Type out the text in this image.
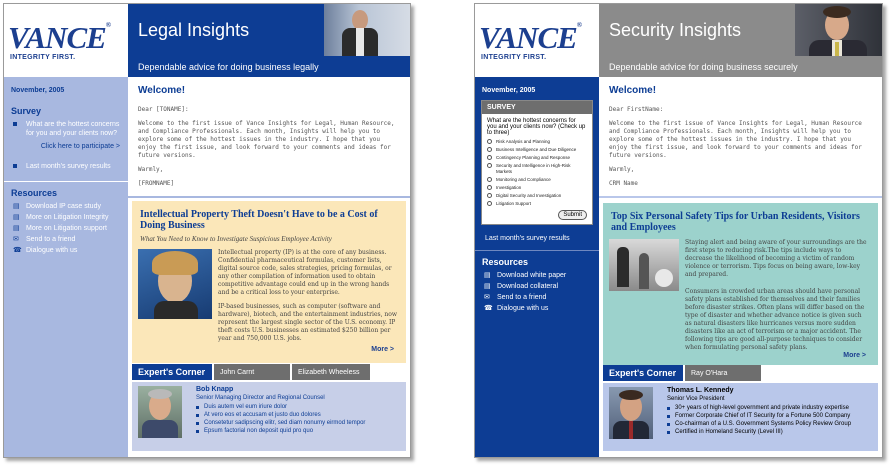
VANCE®
INTEGRITY FIRST.
Legal Insights
Dependable advice for doing business legally
November, 2005
Survey
What are the hottest concerns for you and your clients now?
Click here to participate >
Last month's survey results
Resources
▤ Download IP case study
▤ More on Litigation Integrity
▤ More on Litigation support
✉ Send to a friend
☎ Dialogue with us
Welcome!

Dear [TONAME]:

Welcome to the first issue of Vance Insights for Legal, Human Resource, and Compliance Professionals. Each month, Insights will help you to explore some of the hottest issues in the industry. I hope that you enjoy the first issue, and look forward to your comments and ideas for future versions.

Warmly,

[FROMNAME]

Intellectual Property Theft Doesn't Have to be a Cost of Doing Business
What You Need to Know to Investigate Suspicious Employee Activity

Intellectual property (IP) is at the core of any business. Confidential pharmaceutical formulas, customer lists, digital source code, sales strategies, pricing formulas, or any other compilation of information used to obtain competitive advantage could end up in the wrong hands and be a critical loss to your enterprise.

IP-based businesses, such as computer (software and hardware), biotech, and the entertainment industries, now represent the largest single sector of the U.S. economy. IP theft costs U.S. businesses an estimated $250 billion per year and 750,000 U.S. jobs.

More >
Expert's Corner	John Carnt	Elizabeth Wheeless
Bob Knapp
Senior Managing Director and Regional Counsel
Duis autem vel eum iriure dolor
At vero eos et accusam et justo duo dolores
Consetetur sadipscing elitr, sed diam nonumy eirmod tempor
Epsum factorial non deposit quid pro quo
VANCE®
INTEGRITY FIRST.
Security Insights
Dependable advice for doing business securely
November, 2005
SURVEY
What are the hottest concerns for you and your clients now? (Check up to three)
Risk Analysis and Planning
Business Intelligence and Due Diligence
Contingency Planning and Response
Security and Intelligence in High-Risk Markets
Monitoring and Compliance
Investigation
Digital Security and Investigation
Litigation Support
Submit
Last month's survey results
Resources
▤ Download white paper
▤ Download collateral
✉ Send to a friend
☎ Dialogue with us
Welcome!

Dear FirstName:

Welcome to the first issue of Vance Insights for Legal, Human Resource and Compliance Professionals. Each month, Insights will help you to explore some of the hottest issues in the industry. I hope that you enjoy the first issue, and look forward to your comments and ideas for future versions.

Warmly,

CRM Name

Top Six Personal Safety Tips for Urban Residents, Visitors and Employees
Staying alert and being aware of your surroundings are the first steps to reducing risk.The tips include ways to decrease the likelihood of becoming a victim of random violence or terrorism. Tips focus on being aware, low-key and prepared.
Consumers in crowded urban areas should have personal safety plans established for themselves and their families before disaster strikes. Often plans will differ based on the type of disaster and whether advance notice is given such as natural disasters like hurricanes versus more sudden disasters like an act of terrorism or a major accident. The following tips are good all-purpose techniques to consider when formulating personal safety plans.
More >
Expert's Corner	Ray O'Hara
Thomas L. Kennedy
Senior Vice President
30+ years of high-level government and private industry expertise
Former Corporate Chief of IT Security for a Fortune 500 Company
Co-chairman of a U.S. Government Systems Policy Review Group
Certified in Homeland Security (Level III)
